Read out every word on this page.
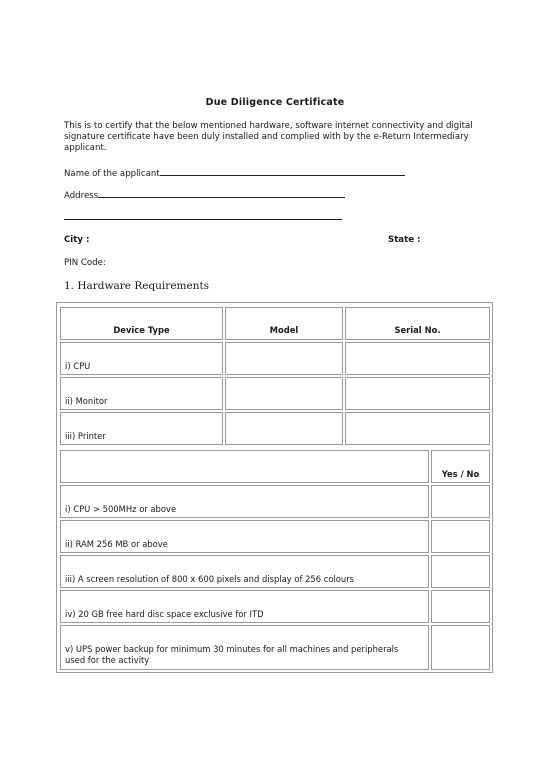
Due Diligence Certificate
This is to certify that the below mentioned hardware, software internet connectivity and digital signature certificate have been duly installed and complied with by the e-Return Intermediary applicant.
Name of the applicant
Address
City :	State :
PIN Code:
1. Hardware Requirements
Device Type	Model	Serial No.
i) CPU
ii) Monitor
iii) Printer
Yes / No
i) CPU > 500MHz or above
ii) RAM 256 MB or above
iii) A screen resolution of 800 x 600 pixels and display of 256 colours
iv) 20 GB free hard disc space exclusive for ITD
v) UPS power backup for minimum 30 minutes for all machines and peripherals used for the activity
